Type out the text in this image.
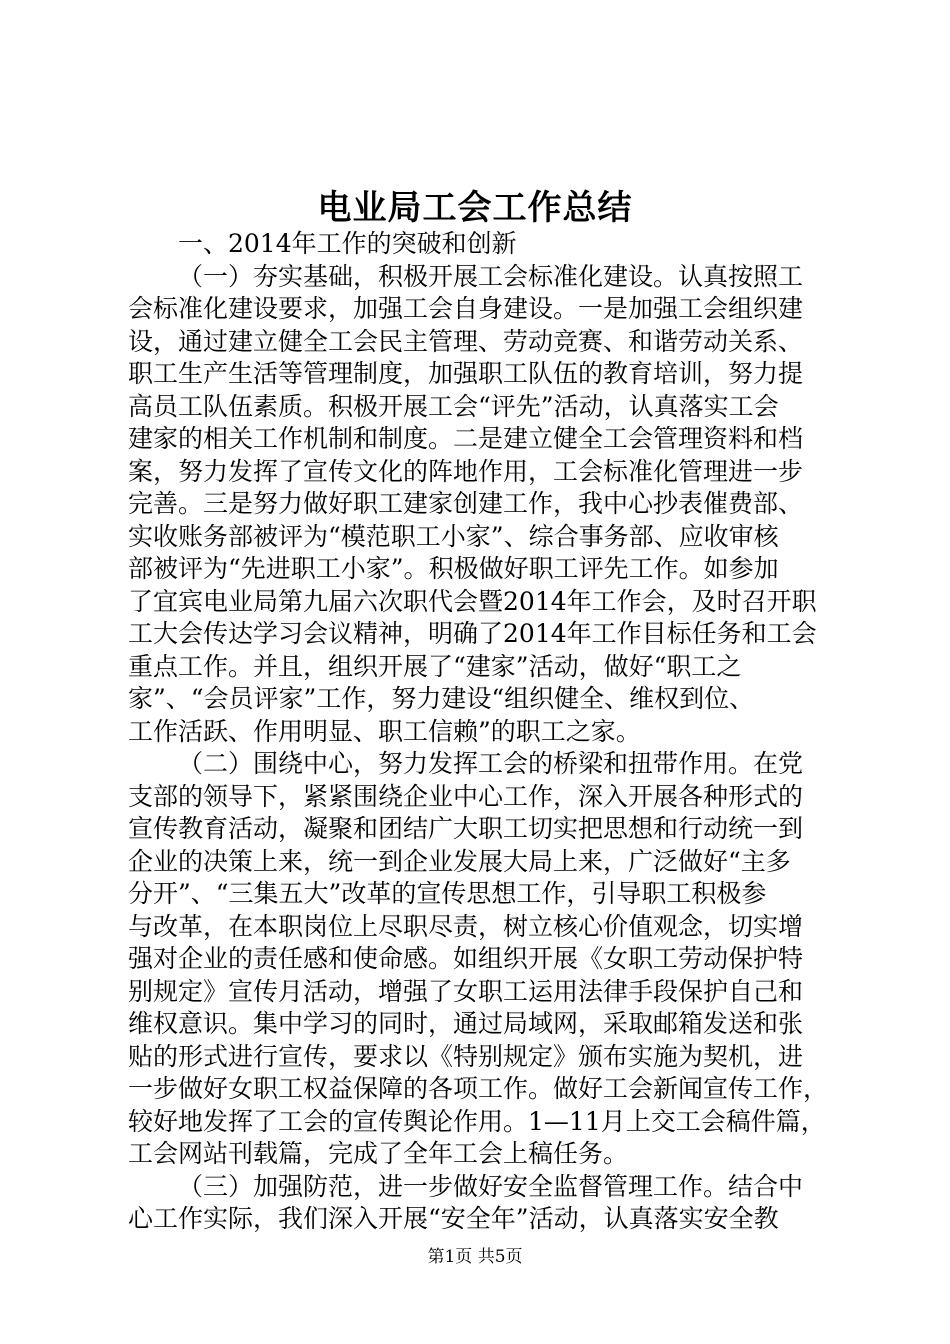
电业局工会工作总结
一、2014年工作的突破和创新
（一）夯实基础，积极开展工会标准化建设。认真按照工
会标准化建设要求，加强工会自身建设。一是加强工会组织建
设，通过建立健全工会民主管理、劳动竞赛、和谐劳动关系、
职工生产生活等管理制度，加强职工队伍的教育培训，努力提
高员工队伍素质。积极开展工会“评先”活动，认真落实工会
建家的相关工作机制和制度。二是建立健全工会管理资料和档
案，努力发挥了宣传文化的阵地作用，工会标准化管理进一步
完善。三是努力做好职工建家创建工作，我中心抄表催费部、
实收账务部被评为“模范职工小家”、综合事务部、应收审核
部被评为“先进职工小家”。积极做好职工评先工作。如参加
了宜宾电业局第九届六次职代会暨2014年工作会，及时召开职
工大会传达学习会议精神，明确了2014年工作目标任务和工会
重点工作。并且，组织开展了“建家”活动，做好“职工之
家”、“会员评家”工作，努力建设“组织健全、维权到位、
工作活跃、作用明显、职工信赖”的职工之家。
（二）围绕中心，努力发挥工会的桥梁和扭带作用。在党
支部的领导下，紧紧围绕企业中心工作，深入开展各种形式的
宣传教育活动，凝聚和团结广大职工切实把思想和行动统一到
企业的决策上来，统一到企业发展大局上来，广泛做好“主多
分开”、“三集五大”改革的宣传思想工作，引导职工积极参
与改革，在本职岗位上尽职尽责，树立核心价值观念，切实增
强对企业的责任感和使命感。如组织开展《女职工劳动保护特
别规定》宣传月活动，增强了女职工运用法律手段保护自己和
维权意识。集中学习的同时，通过局域网，采取邮箱发送和张
贴的形式进行宣传，要求以《特别规定》颁布实施为契机，进
一步做好女职工权益保障的各项工作。做好工会新闻宣传工作，
较好地发挥了工会的宣传舆论作用。1—11月上交工会稿件篇，
工会网站刊载篇，完成了全年工会上稿任务。
（三）加强防范，进一步做好安全监督管理工作。结合中
心工作实际，我们深入开展“安全年”活动，认真落实安全教
第1页 共5页
